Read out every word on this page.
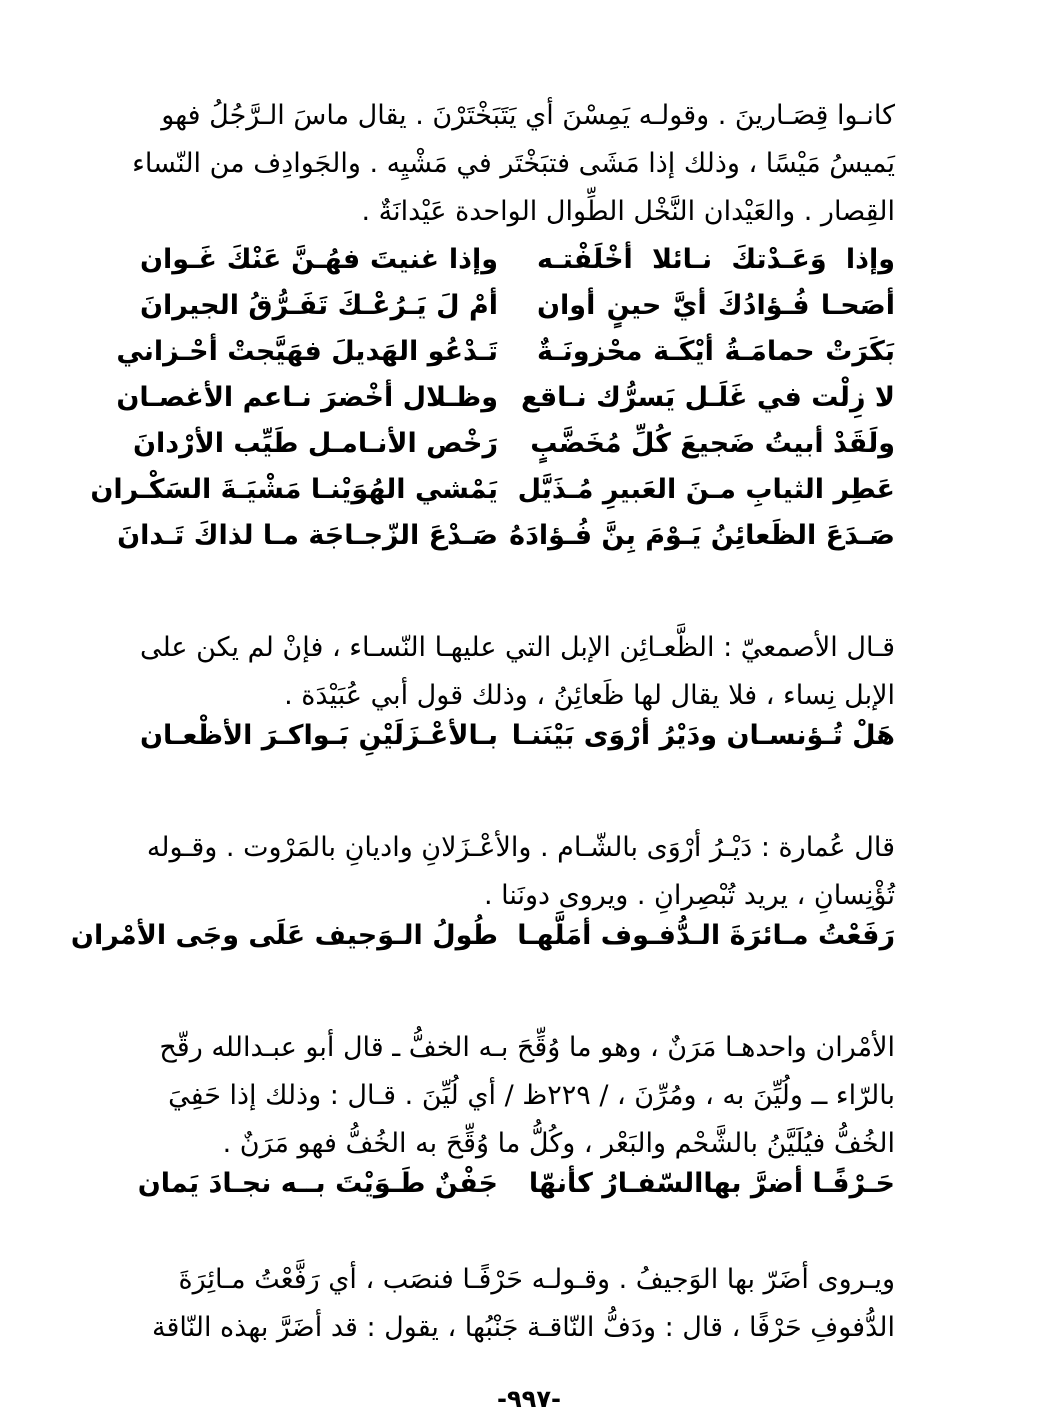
كانـوا قِصَـارينَ . وقولـه يَمِسْنَ أي يَتَبَخْتَرْنَ . يقال ماسَ الـرَّجُلُ فهو
يَميسُ مَيْسًا ، وذلك إذا مَشَى فتبَخْتَر في مَشْيِه . والجَوادِف من النّساء
القِصار . والعَيْدان النَّخْل الطِّوال الواحدة عَيْدانَةٌ .

وإذا وَعَـدْتكَ نـائلا أخْلَفْتـه
وإذا غنيتَ فهُـنَّ عَنْكَ غَـوان
أصَحـا فُـؤادُكَ أيَّ حينٍ أوان
أمْ لَ يَـرُعْـكَ تَفَـرُّقُ الجيرانَ
بَكَرَتْ حمامَـةُ أيْكَـة محْزونَـةٌ
تَـدْعُو الهَديلَ فهَيَّجتْ أحْـزاني
لا زِلْت في غَلَـل يَسرُّك نـاقع
وظـلال أخْضرَ نـاعم الأغصـان
ولَقَدْ أبيتُ ضَجيعَ كُلِّ مُخَضَّبٍ
رَخْص الأنـامـل طَيِّب الأرْدانَ
عَطِر الثيابِ مـنَ العَبيرِ مُـذَيَّل
يَمْشي الهُوَيْنـا مَشْيَـةَ السَكْـران
صَـدَعَ الظَعائِنُ يَـوْمَ بِنَّ فُـؤادَهُ
صَـدْعَ الزّجـاجَة مـا لذاكَ تَـدانَ

قـال الأصمعيّ : الظَّعـائِن الإبل التي عليهـا النّسـاء ، فإنْ لم يكن على
الإبل نِساء ، فلا يقال لها ظَعائِنُ ، وذلك قول أبي عُبَيْدَة .

هَلْ تُـؤنسـان ودَيْرُ أرْوَى بَيْنَنـا
بـالأعْـزَلَيْنِ بَـواكـرَ الأظْعـان

قال عُمارة : دَيْـرُ أرْوَى بالشّـام . والأعْـزَلانِ واديانِ بالمَرْوت . وقـوله
تُؤْنِسانِ ، يريد تُبْصِرانِ . ويروى دونَنا .

رَفَعْتُ مـائرَةَ الـدُّفـوف أمَلَّهـا
طُولُ الـوَجيف عَلَى وجَى الأمْران

الأمْران واحدهـا مَرَنٌ ، وهو ما وُقِّحَ بـه الخفُّ ـ قال أبو عبـدالله رقّح
بالرّاء ــ ولُيِّنَ به ، ومُرِّنَ ، / ٢٢٩ظ / أي لُيِّنَ . قـال : وذلك إذا حَفِيَ
الخُفُّ فيُلَيَّنُ بالشَّحْم والبَعْر ، وكُلُّ ما وُقِّحَ به الخُفُّ فهو مَرَنٌ .

حَـرْفًـا أضرَّ بهاالسّفـارُ كأنهّا
جَفْنٌ طَـوَيْتَ بــه نجـادَ يَمان

ويـروى أضَرّ بها الوَجيفُ . وقـولـه حَرْفًـا فنصَب ، أي رَفَّعْتُ مـائِرَةَ
الدُّفوفِ حَرْفًا ، قال : ودَفُّ النّاقـة جَنْبُها ، يقول : قد أضَرَّ بهذه النّاقة

-٩٩٧-
